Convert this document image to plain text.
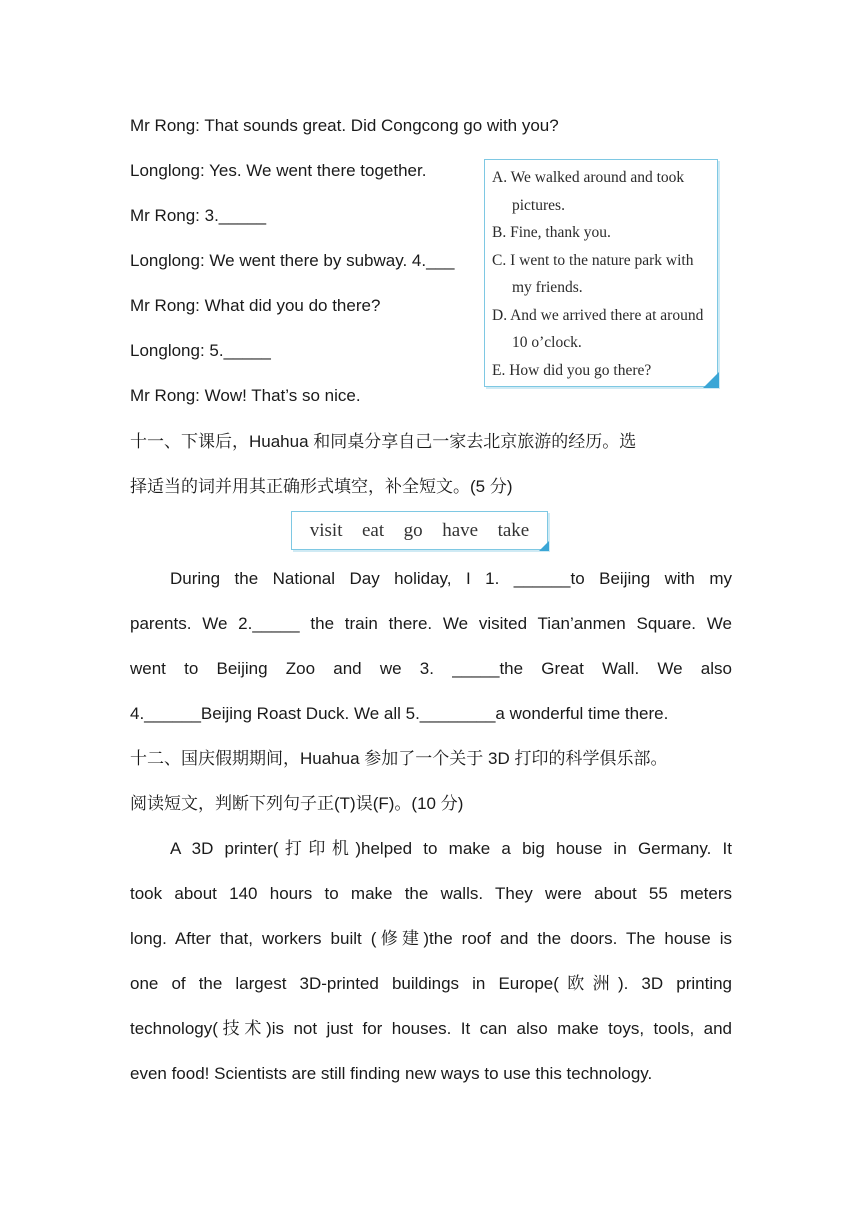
Mr Rong: That sounds great. Did Congcong go with you?
Longlong: Yes. We went there together.
Mr Rong: 3._____
Longlong: We went there by subway. 4.___
Mr Rong: What did you do there?
Longlong: 5._____
Mr Rong: Wow! That’s so nice.
A. We walked around and took
pictures.
B. Fine, thank you.
C. I went to the nature park with
my friends.
D. And we arrived there at around
10 o’clock.
E. How did you go there?
十一、下课后，Huahua 和同桌分享自己一家去北京旅游的经历。选
择适当的词并用其正确形式填空，补全短文。(5 分)
visit eat go have take
During the National Day holiday, I 1. ______to Beijing with my
parents. We 2._____ the train there. We visited Tian’anmen Square. We
went to Beijing Zoo and we 3. _____the Great Wall. We also
4.______Beijing Roast Duck. We all 5.________a wonderful time there.
十二、国庆假期期间，Huahua 参加了一个关于 3D 打印的科学俱乐部。
阅读短文，判断下列句子正(T)误(F)。(10 分)
A 3D printer(打印机)helped to make a big house in Germany. It
took about 140 hours to make the walls. They were about 55 meters
long. After that, workers built (修建)the roof and the doors. The house is
one of the largest 3D-printed buildings in Europe(欧洲). 3D printing
technology(技术)is not just for houses. It can also make toys, tools, and
even food! Scientists are still finding new ways to use this technology.
